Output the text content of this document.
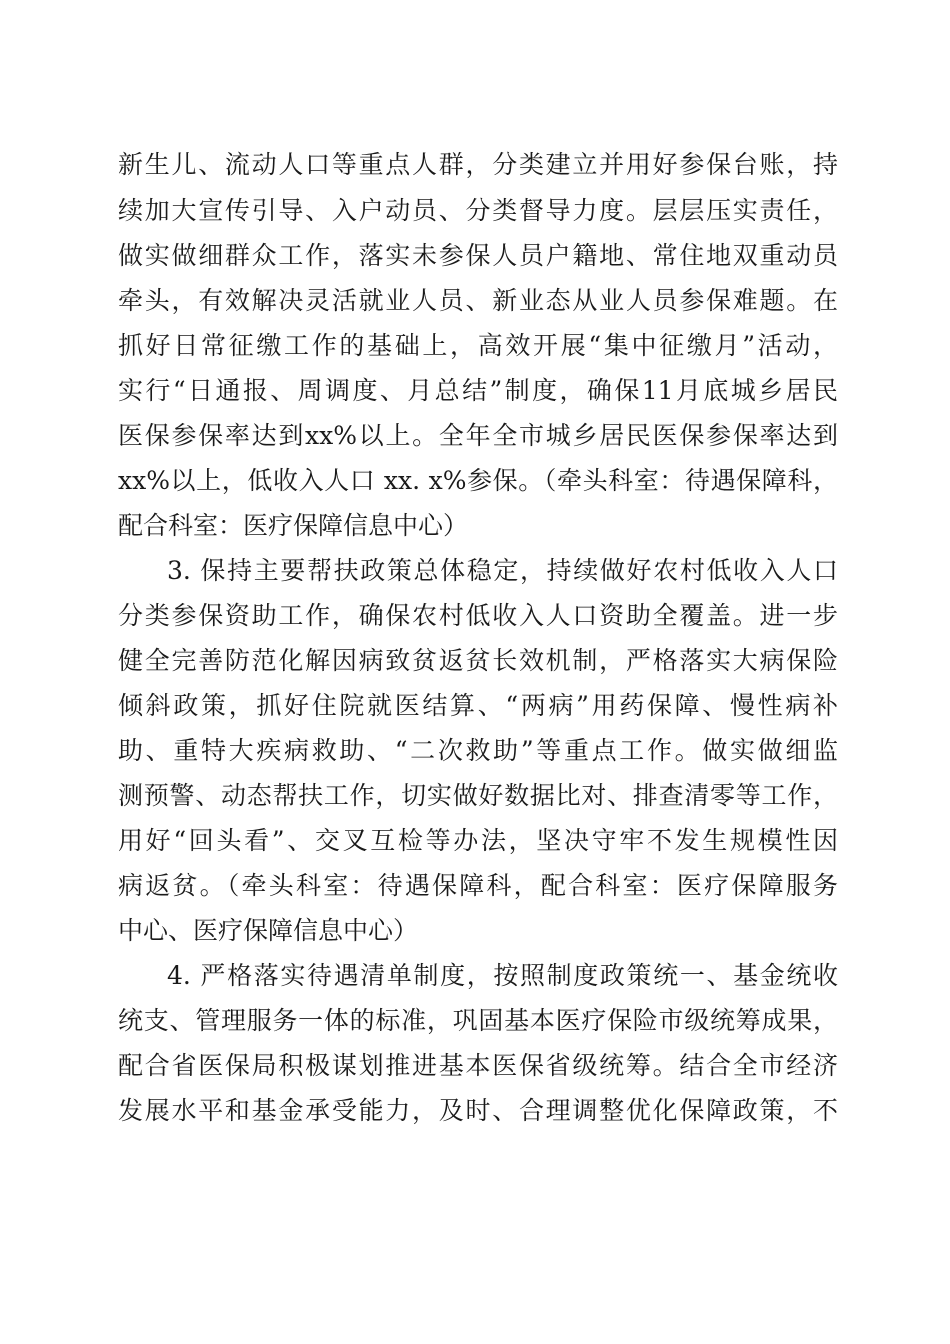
新生儿、流动人口等重点人群，分类建立并用好参保台账，持
续加大宣传引导、入户动员、分类督导力度。层层压实责任，
做实做细群众工作，落实未参保人员户籍地、常住地双重动员
牵头，有效解决灵活就业人员、新业态从业人员参保难题。在
抓好日常征缴工作的基础上，高效开展“集中征缴月”活动，
实行“日通报、周调度、月总结”制度，确保11月底城乡居民
医保参保率达到xx%以上。全年全市城乡居民医保参保率达到
xx%以上，低收入人口 xx. x%参保。（牵头科室：待遇保障科，
配合科室：医疗保障信息中心）
3. 保持主要帮扶政策总体稳定，持续做好农村低收入人口
分类参保资助工作，确保农村低收入人口资助全覆盖。进一步
健全完善防范化解因病致贫返贫长效机制，严格落实大病保险
倾斜政策，抓好住院就医结算、“两病”用药保障、慢性病补
助、重特大疾病救助、“二次救助”等重点工作。做实做细监
测预警、动态帮扶工作，切实做好数据比对、排查清零等工作，
用好“回头看”、交叉互检等办法，坚决守牢不发生规模性因
病返贫。（牵头科室：待遇保障科，配合科室：医疗保障服务
中心、医疗保障信息中心）
4. 严格落实待遇清单制度，按照制度政策统一、基金统收
统支、管理服务一体的标准，巩固基本医疗保险市级统筹成果，
配合省医保局积极谋划推进基本医保省级统筹。结合全市经济
发展水平和基金承受能力，及时、合理调整优化保障政策，不
